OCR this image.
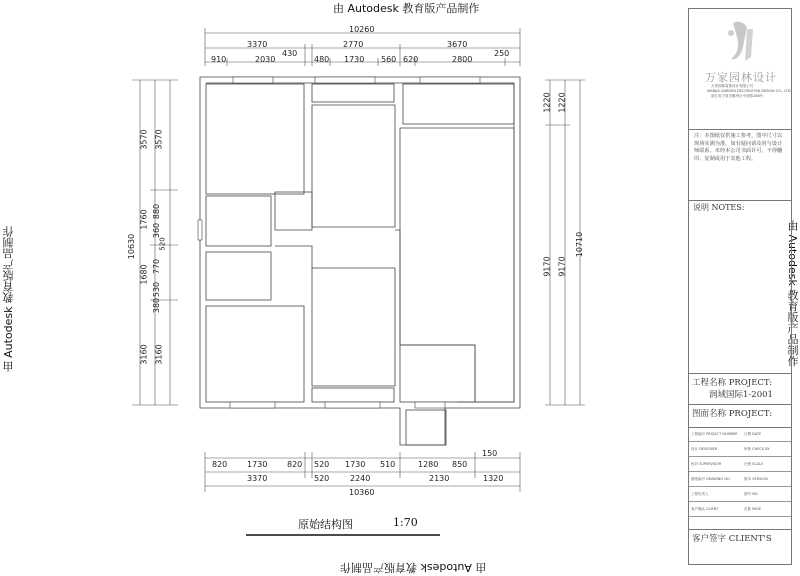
由 Autodesk 教育版产品制作
由 Autodesk 教育版产品制作
由 Autodesk 教育版产品制作	由 Autodesk 教育版产品制作
10260
3370
430
2770	3670
910	2030	480 1730 560 620	2800
250
820 1730 820 520 1730 510	1280 850
150
3370	520	2240	2130	1320
10360
10630
3570
1760
1680
3160
3570
880
360
520
770
530
380
3160
1220
9170
1220
9170
10710
原始结构图	1:70
万家园林设计
万家园林装饰设计有限公司
WANJIA GARDEN DECORATION DESIGN CO., LTD.
浙江省宁波市鄞州区中河路188号
注：本图纸仅供施工参考，图中尺寸以现场实测为准，如有疑问请及时与设计师联系。未经本公司书面许可，不得翻印、复制或用于其他工程。
说明 NOTES:
工程名称 PROJECT:
润域国际1-2001
图面名称 PROJECT:
工程编号 PROJECT NUMBER 日期 DATE
设计 DESIGNER	审核 CHECK BY
校对 SUPERVISOR	比例 SCALE
图纸编号 DRAWING NO.	版本 VERSION
工程负责人	图号 NO.
客户确认 CLIENT	页数 PAGE
客户签字 CLIENT'S
